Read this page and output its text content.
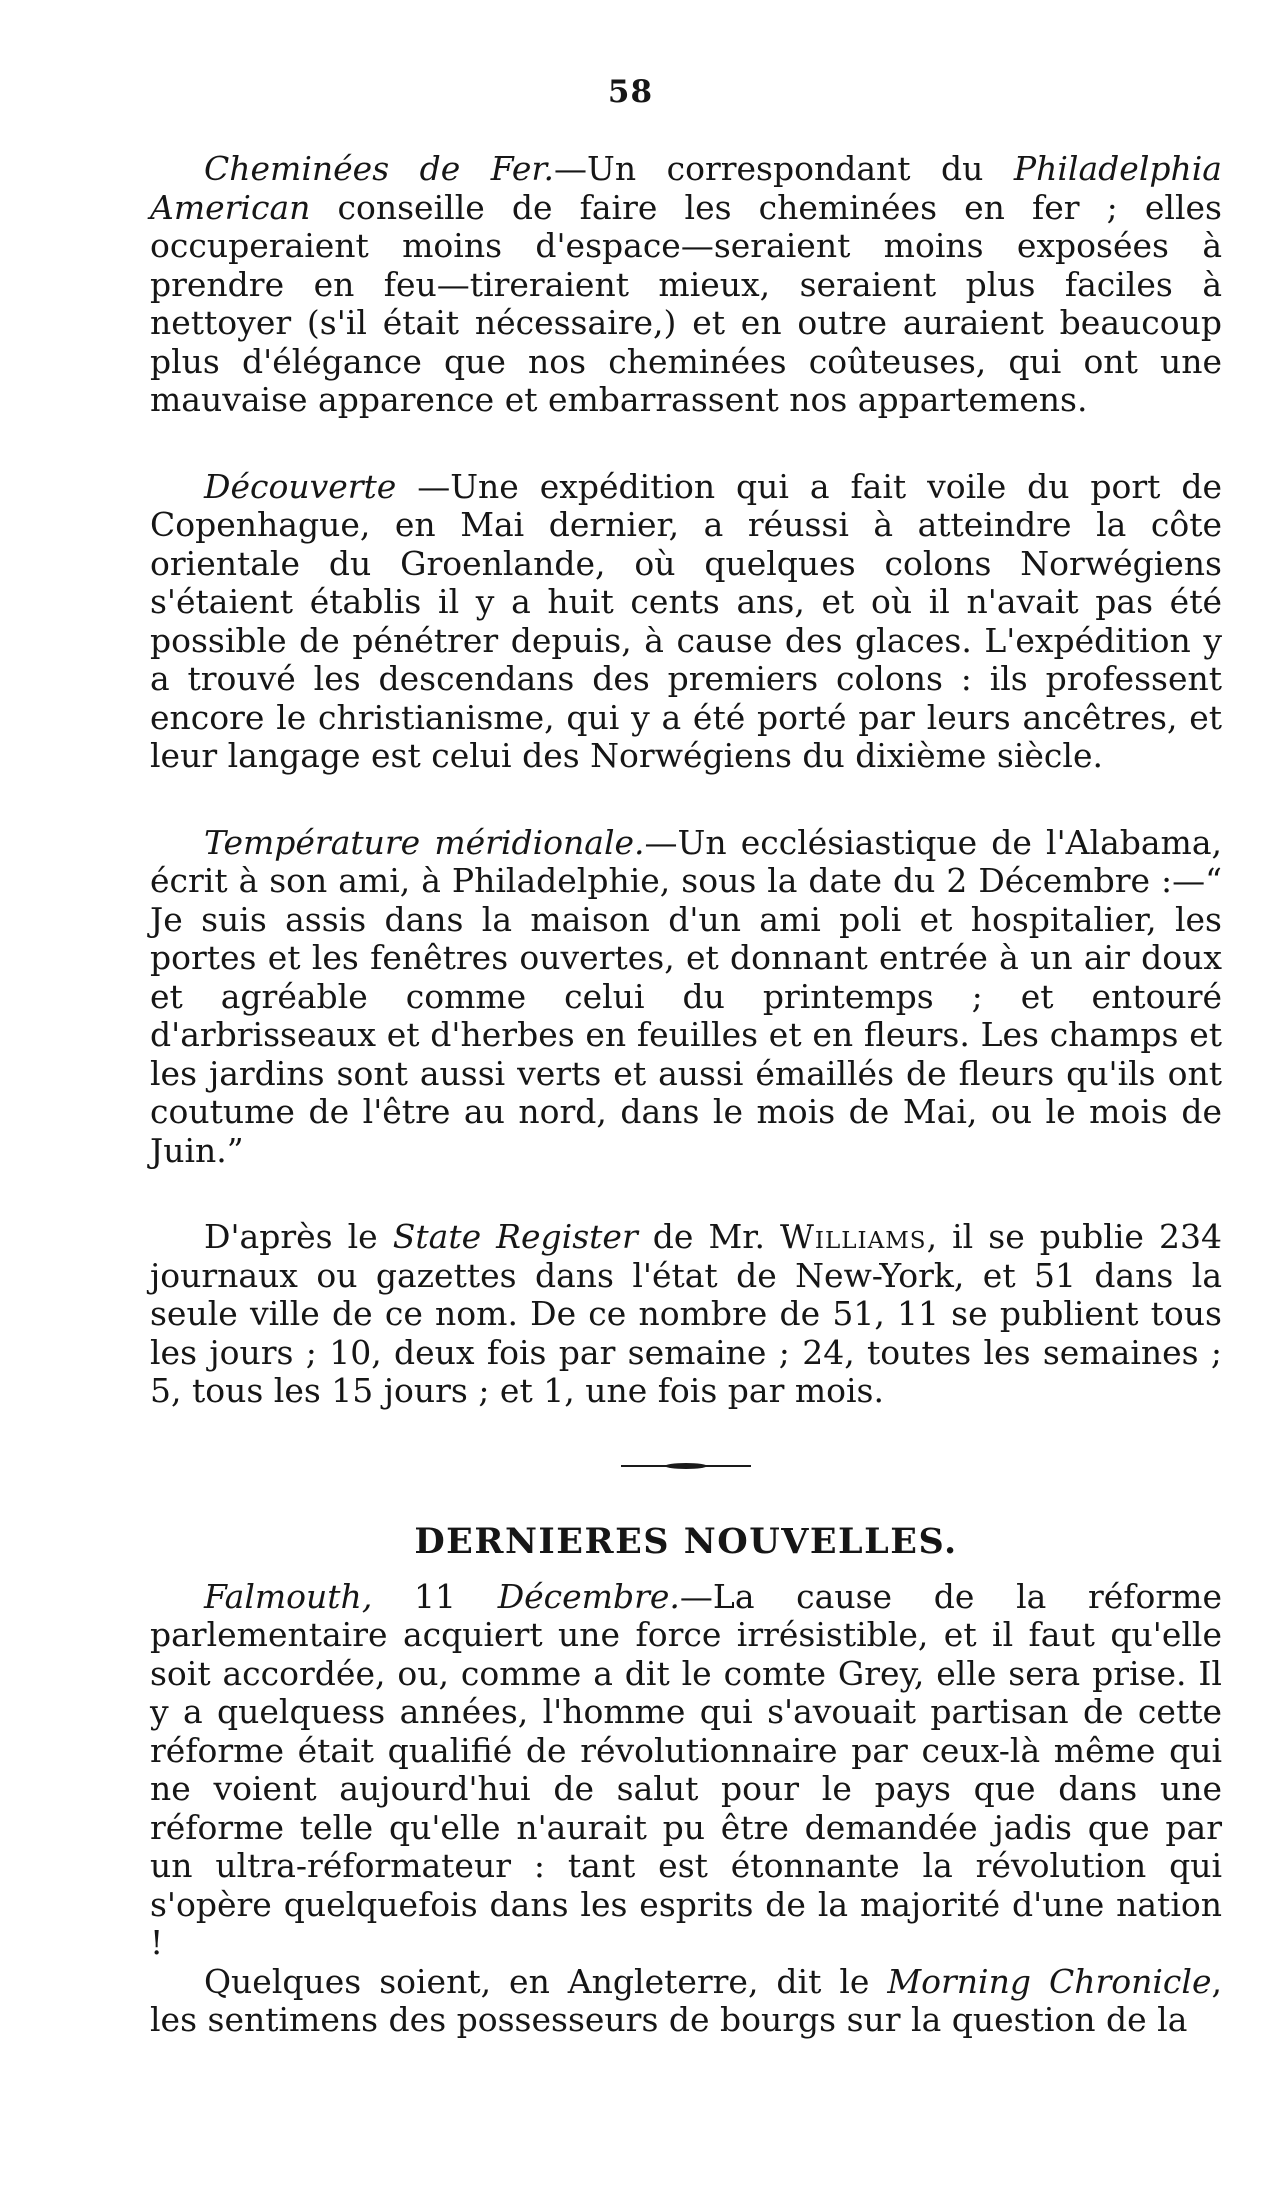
58

Cheminées de Fer.—Un correspondant du Philadelphia American conseille de faire les cheminées en fer ; elles occuperaient moins d'espace—seraient moins exposées à prendre en feu—tireraient mieux, seraient plus faciles à nettoyer (s'il était nécessaire,) et en outre auraient beaucoup plus d'élégance que nos cheminées coûteuses, qui ont une mauvaise apparence et embarrassent nos appartemens.

Découverte —Une expédition qui a fait voile du port de Copenhague, en Mai dernier, a réussi à atteindre la côte orientale du Groenlande, où quelques colons Norwégiens s'étaient établis il y a huit cents ans, et où il n'avait pas été possible de pénétrer depuis, à cause des glaces. L'expédition y a trouvé les descendans des premiers colons : ils professent encore le christianisme, qui y a été porté par leurs ancêtres, et leur langage est celui des Norwégiens du dixième siècle.

Température méridionale.—Un ecclésiastique de l'Alabama, écrit à son ami, à Philadelphie, sous la date du 2 Décembre :—“ Je suis assis dans la maison d'un ami poli et hospitalier, les portes et les fenêtres ouvertes, et donnant entrée à un air doux et agréable comme celui du printemps ; et entouré d'arbrisseaux et d'herbes en feuilles et en fleurs. Les champs et les jardins sont aussi verts et aussi émaillés de fleurs qu'ils ont coutume de l'être au nord, dans le mois de Mai, ou le mois de Juin.”

D'après le State Register de Mr. Williams, il se publie 234 journaux ou gazettes dans l'état de New-York, et 51 dans la seule ville de ce nom. De ce nombre de 51, 11 se publient tous les jours ; 10, deux fois par semaine ; 24, toutes les semaines ; 5, tous les 15 jours ; et 1, une fois par mois.

DERNIERES NOUVELLES.

Falmouth, 11 Décembre.—La cause de la réforme parlementaire acquiert une force irrésistible, et il faut qu'elle soit accordée, ou, comme a dit le comte Grey, elle sera prise. Il y a quelquess années, l'homme qui s'avouait partisan de cette réforme était qualifié de révolutionnaire par ceux-là même qui ne voient aujourd'hui de salut pour le pays que dans une réforme telle qu'elle n'aurait pu être demandée jadis que par un ultra-réformateur : tant est étonnante la révolution qui s'opère quelquefois dans les esprits de la majorité d'une nation !

Quelques soient, en Angleterre, dit le Morning Chronicle, les sentimens des possesseurs de bourgs sur la question de la
